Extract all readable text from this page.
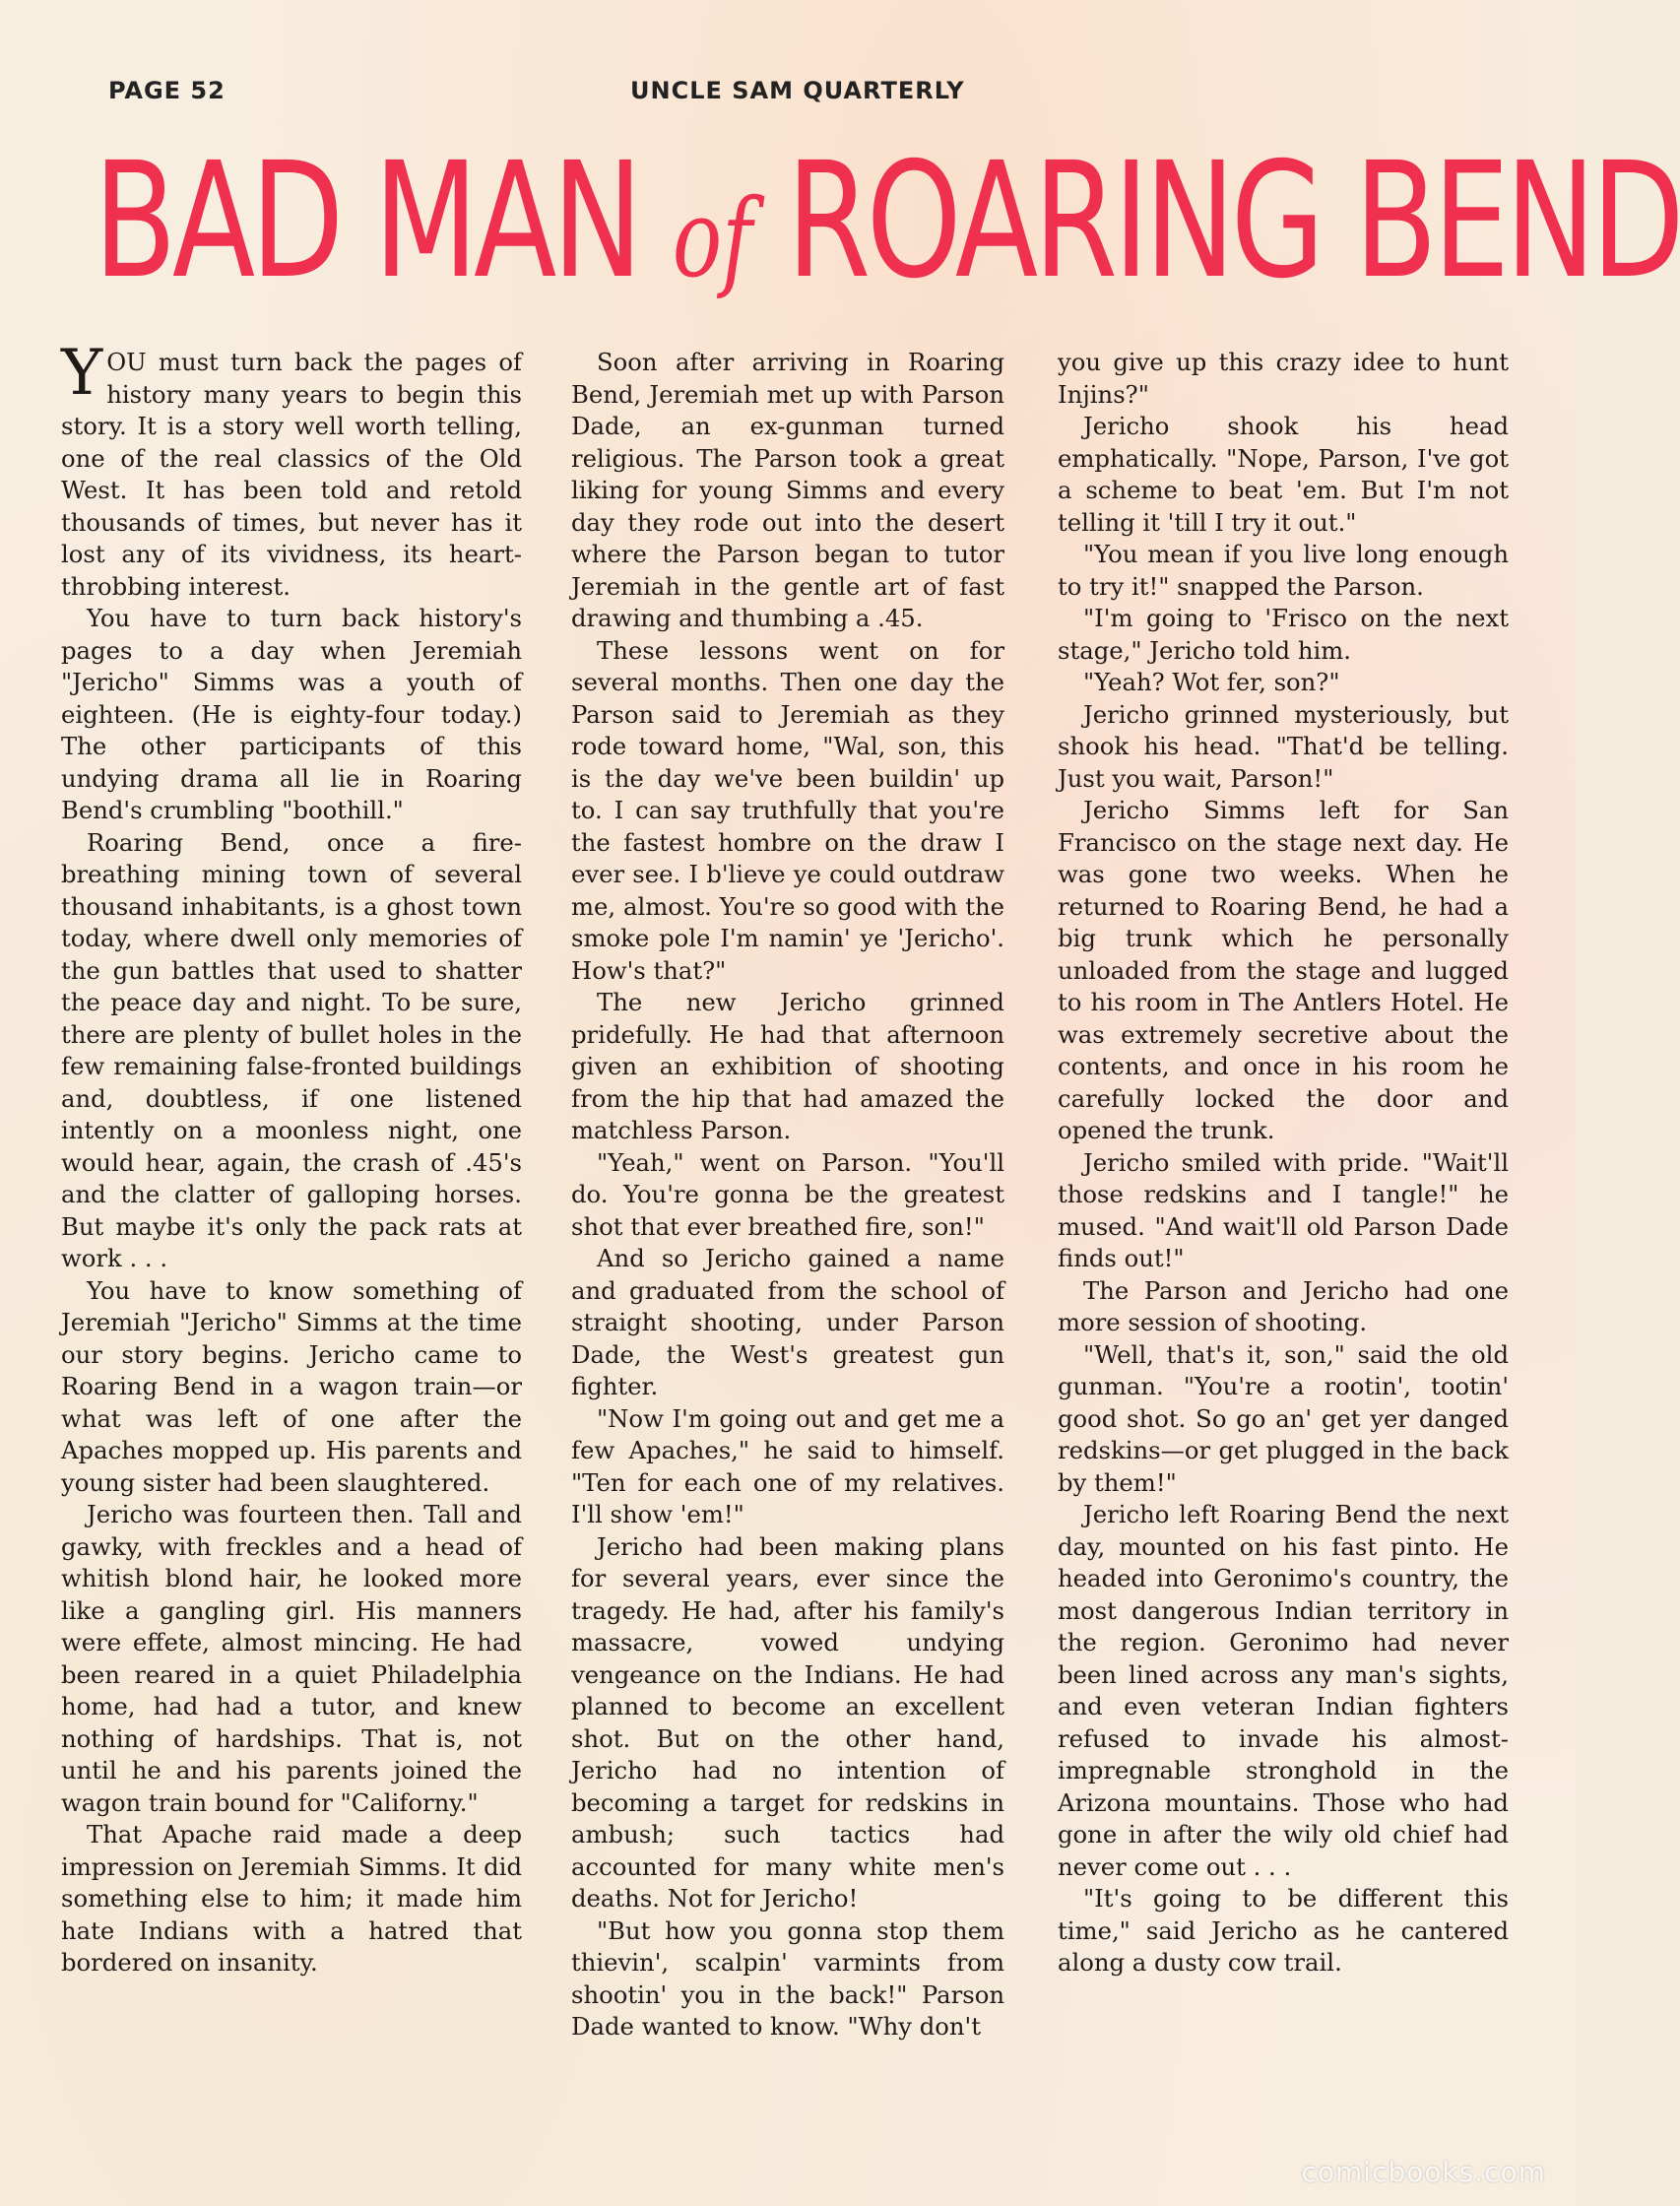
PAGE 52	UNCLE SAM QUARTERLY
BAD MAN of ROARING BEND

YOU must turn back the pages of history many years to begin this story. It is a story well worth telling, one of the real classics of the Old West. It has been told and retold thousands of times, but never has it lost any of its vividness, its heart-throbbing interest.

You have to turn back history's pages to a day when Jeremiah "Jericho" Simms was a youth of eighteen. (He is eighty-four today.) The other participants of this undying drama all lie in Roaring Bend's crumbling "boothill."

Roaring Bend, once a fire-breathing mining town of several thousand inhabitants, is a ghost town today, where dwell only memories of the gun battles that used to shatter the peace day and night. To be sure, there are plenty of bullet holes in the few remaining false-fronted buildings and, doubtless, if one listened intently on a moonless night, one would hear, again, the crash of .45's and the clatter of galloping horses. But maybe it's only the pack rats at work . . .

You have to know something of Jeremiah "Jericho" Simms at the time our story begins. Jericho came to Roaring Bend in a wagon train—or what was left of one after the Apaches mopped up. His parents and young sister had been slaughtered.

Jericho was fourteen then. Tall and gawky, with freckles and a head of whitish blond hair, he looked more like a gangling girl. His manners were effete, almost mincing. He had been reared in a quiet Philadelphia home, had had a tutor, and knew nothing of hardships. That is, not until he and his parents joined the wagon train bound for "Californy."

That Apache raid made a deep impression on Jeremiah Simms. It did something else to him; it made him hate Indians with a hatred that bordered on insanity.

Soon after arriving in Roaring Bend, Jeremiah met up with Parson Dade, an ex-gunman turned religious. The Parson took a great liking for young Simms and every day they rode out into the desert where the Parson began to tutor Jeremiah in the gentle art of fast drawing and thumbing a .45.

These lessons went on for several months. Then one day the Parson said to Jeremiah as they rode toward home, "Wal, son, this is the day we've been buildin' up to. I can say truthfully that you're the fastest hombre on the draw I ever see. I b'lieve ye could outdraw me, almost. You're so good with the smoke pole I'm namin' ye 'Jericho'. How's that?"

The new Jericho grinned pridefully. He had that afternoon given an exhibition of shooting from the hip that had amazed the matchless Parson.

"Yeah," went on Parson. "You'll do. You're gonna be the greatest shot that ever breathed fire, son!"

And so Jericho gained a name and graduated from the school of straight shooting, under Parson Dade, the West's greatest gun fighter.

"Now I'm going out and get me a few Apaches," he said to himself. "Ten for each one of my relatives. I'll show 'em!"

Jericho had been making plans for several years, ever since the tragedy. He had, after his family's massacre, vowed undying vengeance on the Indians. He had planned to become an excellent shot. But on the other hand, Jericho had no intention of becoming a target for redskins in ambush; such tactics had accounted for many white men's deaths. Not for Jericho!

"But how you gonna stop them thievin', scalpin' varmints from shootin' you in the back!" Parson Dade wanted to know. "Why don't

you give up this crazy idee to hunt Injins?"

Jericho shook his head emphatically. "Nope, Parson, I've got a scheme to beat 'em. But I'm not telling it 'till I try it out."

"You mean if you live long enough to try it!" snapped the Parson.

"I'm going to 'Frisco on the next stage," Jericho told him.

"Yeah? Wot fer, son?"

Jericho grinned mysteriously, but shook his head. "That'd be telling. Just you wait, Parson!"

Jericho Simms left for San Francisco on the stage next day. He was gone two weeks. When he returned to Roaring Bend, he had a big trunk which he personally unloaded from the stage and lugged to his room in The Antlers Hotel. He was extremely secretive about the contents, and once in his room he carefully locked the door and opened the trunk.

Jericho smiled with pride. "Wait'll those redskins and I tangle!" he mused. "And wait'll old Parson Dade finds out!"

The Parson and Jericho had one more session of shooting.

"Well, that's it, son," said the old gunman. "You're a rootin', tootin' good shot. So go an' get yer danged redskins—or get plugged in the back by them!"

Jericho left Roaring Bend the next day, mounted on his fast pinto. He headed into Geronimo's country, the most dangerous Indian territory in the region. Geronimo had never been lined across any man's sights, and even veteran Indian fighters refused to invade his almost-impregnable stronghold in the Arizona mountains. Those who had gone in after the wily old chief had never come out . . .

"It's going to be different this time," said Jericho as he cantered along a dusty cow trail.

comicbooks.com
